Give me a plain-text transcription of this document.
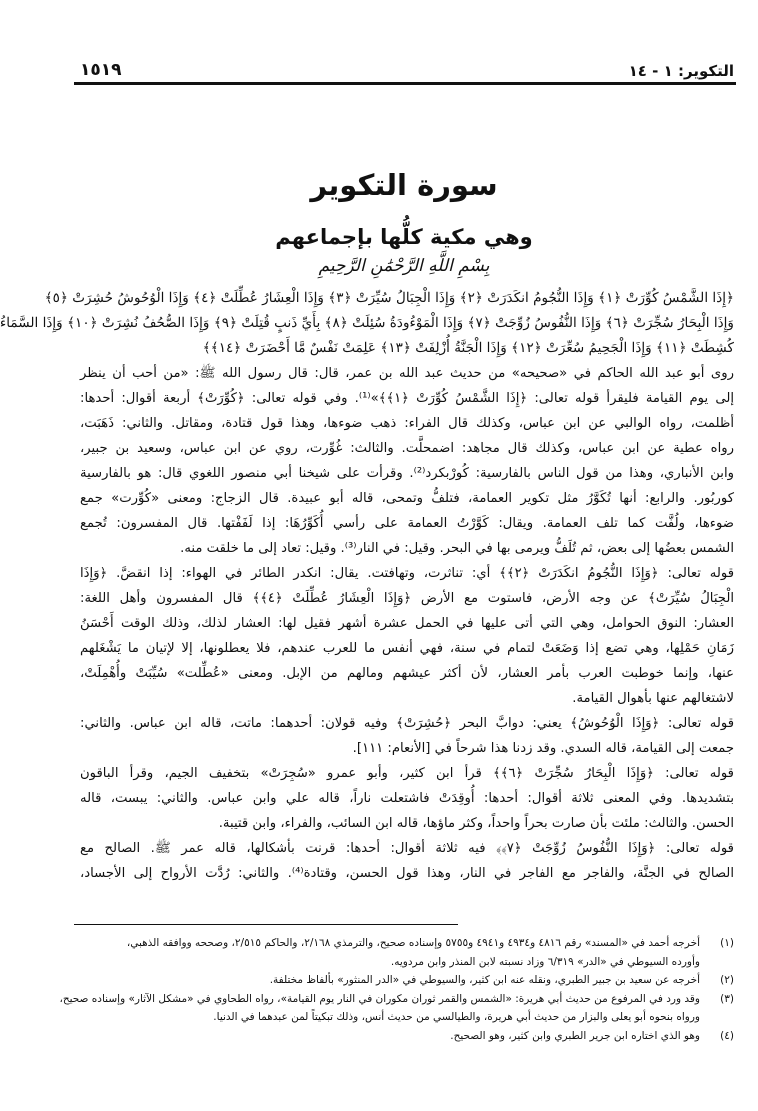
التكوير: ١ - ١٤
١٥١٩
سورة التكوير
وهي مكية كلُّها بإجماعهم
بِسْمِ اللَّهِ الرَّحْمَٰنِ الرَّحِيمِ
﴿إِذَا الشَّمْسُ كُوِّرَتْ ﴿١﴾ وَإِذَا النُّجُومُ انكَدَرَتْ ﴿٢﴾ وَإِذَا الْجِبَالُ سُيِّرَتْ ﴿٣﴾ وَإِذَا الْعِشَارُ عُطِّلَتْ ﴿٤﴾ وَإِذَا الْوُحُوشُ حُشِرَتْ ﴿٥﴾
وَإِذَا الْبِحَارُ سُجِّرَتْ ﴿٦﴾ وَإِذَا النُّفُوسُ زُوِّجَتْ ﴿٧﴾ وَإِذَا الْمَوْءُودَةُ سُئِلَتْ ﴿٨﴾ بِأَيِّ ذَنبٍ قُتِلَتْ ﴿٩﴾ وَإِذَا الصُّحُفُ نُشِرَتْ ﴿١٠﴾ وَإِذَا السَّمَاءُ
كُشِطَتْ ﴿١١﴾ وَإِذَا الْجَحِيمُ سُعِّرَتْ ﴿١٢﴾ وَإِذَا الْجَنَّةُ أُزْلِفَتْ ﴿١٣﴾ عَلِمَتْ نَفْسٌ مَّا أَحْضَرَتْ ﴿١٤﴾﴾
روى أبو عبد الله الحاكم في «صحيحه» من حديث عبد الله بن عمر، قال: قال رسول الله ﷺ: «من أحب أن ينظر
إلى يوم القيامة فليقرأ قوله تعالى: ﴿إِذَا الشَّمْسُ كُوِّرَتْ ﴿١﴾﴾»⁽¹⁾. وفي قوله تعالى: ﴿كُوِّرَتْ﴾ أربعة أقوال: أحدها:
أظلمت، رواه الوالبي عن ابن عباس، وكذلك قال الفراء: ذهب ضوءها، وهذا قول قتادة، ومقاتل. والثاني: ذَهَبَت،
رواه عطية عن ابن عباس، وكذلك قال مجاهد: اضمحلَّت. والثالث: غُوِّرت، روي عن ابن عباس، وسعيد بن جبير،
وابن الأنباري، وهذا من قول الناس بالفارسية: كُورْبكرد⁽²⁾. وقرأت على شيخنا أبي منصور اللغوي قال: هو بالفارسية
كوربُور. والرابع: أنها تُكَوَّرُ مثل تكوير العمامة، فتلفُّ وتمحى، قاله أبو عبيدة. قال الزجاج: ومعنى «كُوِّرت» جمع
ضوءها، ولُفَّت كما تلف العمامة. ويقال: كَوَّرْتُ العمامة على رأسي أُكَوِّرُهَا: إذا لَفَفْتها. قال المفسرون: تُجمع
الشمس بعضُها إلى بعض، ثم تُلَفُّ ويرمى بها في البحر. وقيل: في النار⁽³⁾. وقيل: تعاد إلى ما خلقت منه.
قوله تعالى: ﴿وَإِذَا النُّجُومُ انكَدَرَتْ ﴿٢﴾﴾ أي: تناثرت، وتهافتت. يقال: انكدر الطائر في الهواء: إذا انقضَّ. ﴿وَإِذَا
الْجِبَالُ سُيِّرَتْ﴾ عن وجه الأرض، فاستوت مع الأرض ﴿وَإِذَا الْعِشَارُ عُطِّلَتْ ﴿٤﴾﴾ قال المفسرون وأهل اللغة:
العشار: النوق الحوامل، وهي التي أتى عليها في الحمل عشرة أشهر فقيل لها: العشار لذلك، وذلك الوقت أَحْسَنُ
زَمَانِ حَمْلِها، وهي تضع إذا وَضَعَتْ لتمام في سنة، فهي أنفس ما للعرب عندهم، فلا يعطلونها، إلا لإتيان ما يَشْغَلهم
عنها، وإنما خوطبت العرب بأمر العشار، لأن أكثر عيشهم ومالهم من الإبل. ومعنى «عُطِّلت» سُيِّبَتْ وأُهْمِلَتْ،
لاشتغالهم عنها بأهوال القيامة.
قوله تعالى: ﴿وَإِذَا الْوُحُوشُ﴾ يعني: دوابَّ البحر ﴿حُشِرَتْ﴾ وفيه قولان: أحدهما: ماتت، قاله ابن عباس. والثاني:
جمعت إلى القيامة، قاله السدي. وقد زدنا هذا شرحاً في [الأنعام: ١١١].
قوله تعالى: ﴿وَإِذَا الْبِحَارُ سُجِّرَتْ ﴿٦﴾﴾ قرأ ابن كثير، وأبو عمرو «سُجِرَتْ» بتخفيف الجيم، وقرأ الباقون
بتشديدها. وفي المعنى ثلاثة أقوال: أحدها: أُوقِدَتْ فاشتعلت ناراً، قاله علي وابن عباس. والثاني: يبست، قاله
الحسن. والثالث: ملئت بأن صارت بحراً واحداً، وكثر ماؤها، قاله ابن السائب، والفراء، وابن قتيبة.
قوله تعالى: ﴿وَإِذَا النُّفُوسُ زُوِّجَتْ ﴿٧﴾﴾ فيه ثلاثة أقوال: أحدها: قرنت بأشكالها، قاله عمر ﷺ. الصالح مع
الصالح في الجنَّة، والفاجر مع الفاجر في النار، وهذا قول الحسن، وقتادة⁽⁴⁾. والثاني: رُدَّت الأرواح إلى الأجساد،
(١)
أخرجه أحمد في «المسند» رقم ٤٨١٦ و٤٩٣٤ و٤٩٤١ و٥٧٥٥ وإسناده صحيح، والترمذي ٢/١٦٨، والحاكم ٢/٥١٥، وصححه ووافقه الذهبي،
وأورده السيوطي في «الدر» ٦/٣١٩ وزاد نسبته لابن المنذر وابن مردويه.
(٢)
أخرجه عن سعيد بن جبير الطبري، ونقله عنه ابن كثير، والسيوطي في «الدر المنثور» بألفاظ مختلفة.
(٣)
وقد ورد في المرفوع من حديث أبي هريرة: «الشمس والقمر ثوران مكوران في النار يوم القيامة»، رواه الطحاوي في «مشكل الآثار» وإسناده صحيح،
ورواه بنحوه أبو يعلى والبزار من حديث أبي هريرة، والطيالسي من حديث أنس، وذلك تبكيتاً لمن عبدهما في الدنيا.
(٤)
وهو الذي اختاره ابن جرير الطبري وابن كثير، وهو الصحيح.
